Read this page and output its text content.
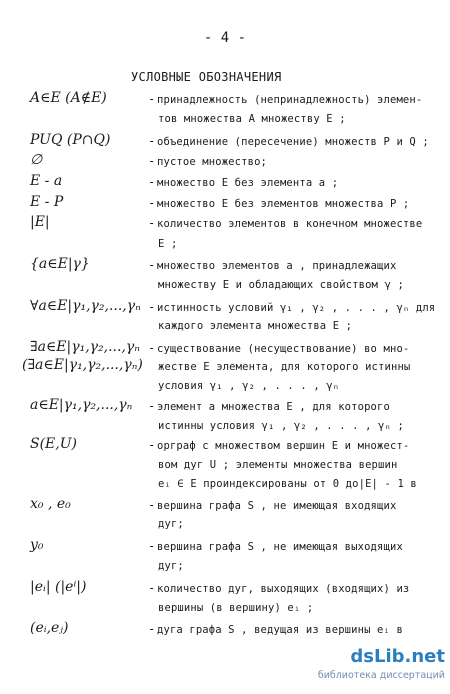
- 4 -
УСЛОВНЫЕ ОБОЗНАЧЕНИЯ
A∈E (A∉E)	- принадлежность (непринадлежность) элемен-
тов множества A множеству E ;
PUQ (P∩Q)	- объединение (пересечение) множеств P и Q ;
∅	- пустое множество;
E - a	- множество E без элемента a ;
E - P	- множество E без элементов множества P ;
|E|	- количество элементов в конечном множестве
E ;
{a∈E|γ}	- множество элементов a , принадлежащих
множеству E и обладающих свойством γ ;
∀a∈E|γ₁,γ₂,...,γₙ - истинность условий γ₁ , γ₂ , . . . , γₙ для
каждого элемента множества E ;
∃a∈E|γ₁,γ₂,...,γₙ
(∃a∈E|γ₁,γ₂,...,γₙ)
- существование (несуществование) во мно-
жестве E элемента, для которого истинны
условия γ₁ , γ₂ , . . . , γₙ
a∈E|γ₁,γ₂,...,γₙ	- элемент a множества E , для которого
истинны условия γ₁ , γ₂ , . . . , γₙ ;
S(E,U)	- орграф с множеством вершин E и множест-
вом дуг U ; элементы множества вершин
eᵢ ∈ E проиндексированы от 0 до|E| - 1 в
x₀ , e₀	- вершина графа S , не имеющая входящих
дуг;
y₀	- вершина графа S , не имеющая выходящих
дуг;
|eᵢ| (|eⁱ|)	- количество дуг, выходящих (входящих) из
вершины (в вершину) eᵢ ;
(eᵢ,eⱼ)	- дуга графа S , ведущая из вершины eᵢ в
dsLib.net
библиотека диссертаций
